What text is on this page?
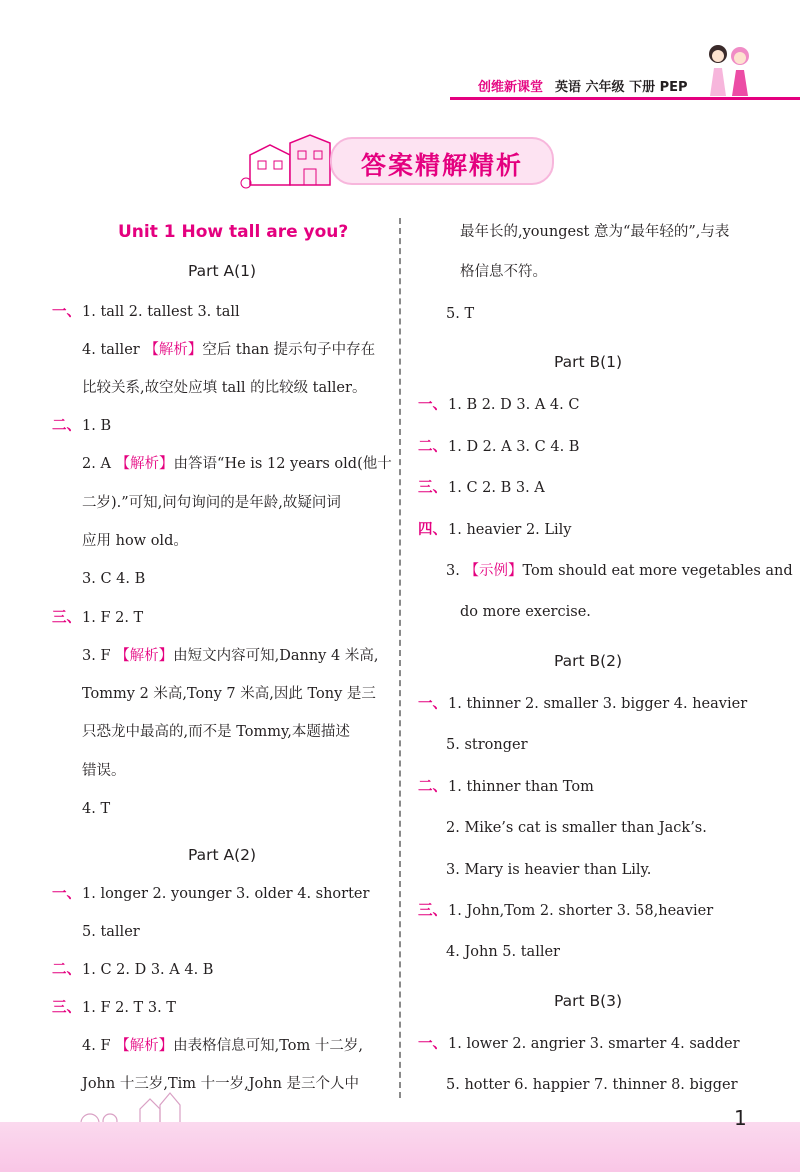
创维新课堂 英语 六年级 下册 PEP
答案精解精析
Unit 1 How tall are you?
Part A(1)
一、1. tall 2. tallest 3. tall
4. taller 【解析】空后 than 提示句子中存在
比较关系,故空处应填 tall 的比较级 taller。
二、1. B
2. A 【解析】由答语“He is 12 years old(他十
二岁).”可知,问句询问的是年龄,故疑问词
应用 how old。
3. C 4. B
三、1. F 2. T
3. F 【解析】由短文内容可知,Danny 4 米高,
Tommy 2 米高,Tony 7 米高,因此 Tony 是三
只恐龙中最高的,而不是 Tommy,本题描述
错误。
4. T
Part A(2)
一、1. longer 2. younger 3. older 4. shorter
5. taller
二、1. C 2. D 3. A 4. B
三、1. F 2. T 3. T
4. F 【解析】由表格信息可知,Tom 十二岁,
John 十三岁,Tim 十一岁,John 是三个人中
最年长的,youngest 意为“最年轻的”,与表
格信息不符。
5. T
Part B(1)
一、1. B 2. D 3. A 4. C
二、1. D 2. A 3. C 4. B
三、1. C 2. B 3. A
四、1. heavier 2. Lily
3. 【示例】Tom should eat more vegetables and
do more exercise.
Part B(2)
一、1. thinner 2. smaller 3. bigger 4. heavier
5. stronger
二、1. thinner than Tom
2. Mike’s cat is smaller than Jack’s.
3. Mary is heavier than Lily.
三、1. John,Tom 2. shorter 3. 58,heavier
4. John 5. taller
Part B(3)
一、1. lower 2. angrier 3. smarter 4. sadder
5. hotter 6. happier 7. thinner 8. bigger
1
